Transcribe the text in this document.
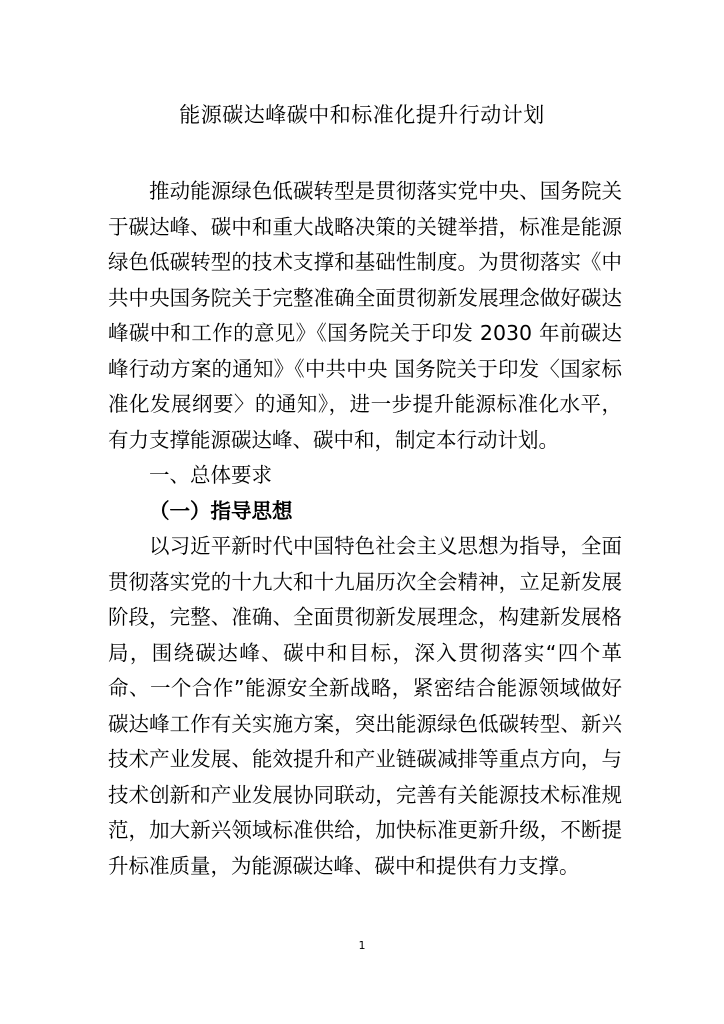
能源碳达峰碳中和标准化提升行动计划

推动能源绿色低碳转型是贯彻落实党中央、国务院关于碳达峰、碳中和重大战略决策的关键举措，标准是能源绿色低碳转型的技术支撑和基础性制度。为贯彻落实《中共中央国务院关于完整准确全面贯彻新发展理念做好碳达峰碳中和工作的意见》《国务院关于印发 2030 年前碳达峰行动方案的通知》《中共中央 国务院关于印发〈国家标准化发展纲要〉的通知》，进一步提升能源标准化水平，有力支撑能源碳达峰、碳中和，制定本行动计划。

一、总体要求

（一）指导思想

以习近平新时代中国特色社会主义思想为指导，全面贯彻落实党的十九大和十九届历次全会精神，立足新发展阶段，完整、准确、全面贯彻新发展理念，构建新发展格局，围绕碳达峰、碳中和目标，深入贯彻落实“四个革命、一个合作”能源安全新战略，紧密结合能源领域做好碳达峰工作有关实施方案，突出能源绿色低碳转型、新兴技术产业发展、能效提升和产业链碳减排等重点方向，与技术创新和产业发展协同联动，完善有关能源技术标准规范，加大新兴领域标准供给，加快标准更新升级，不断提升标准质量，为能源碳达峰、碳中和提供有力支撑。

1
